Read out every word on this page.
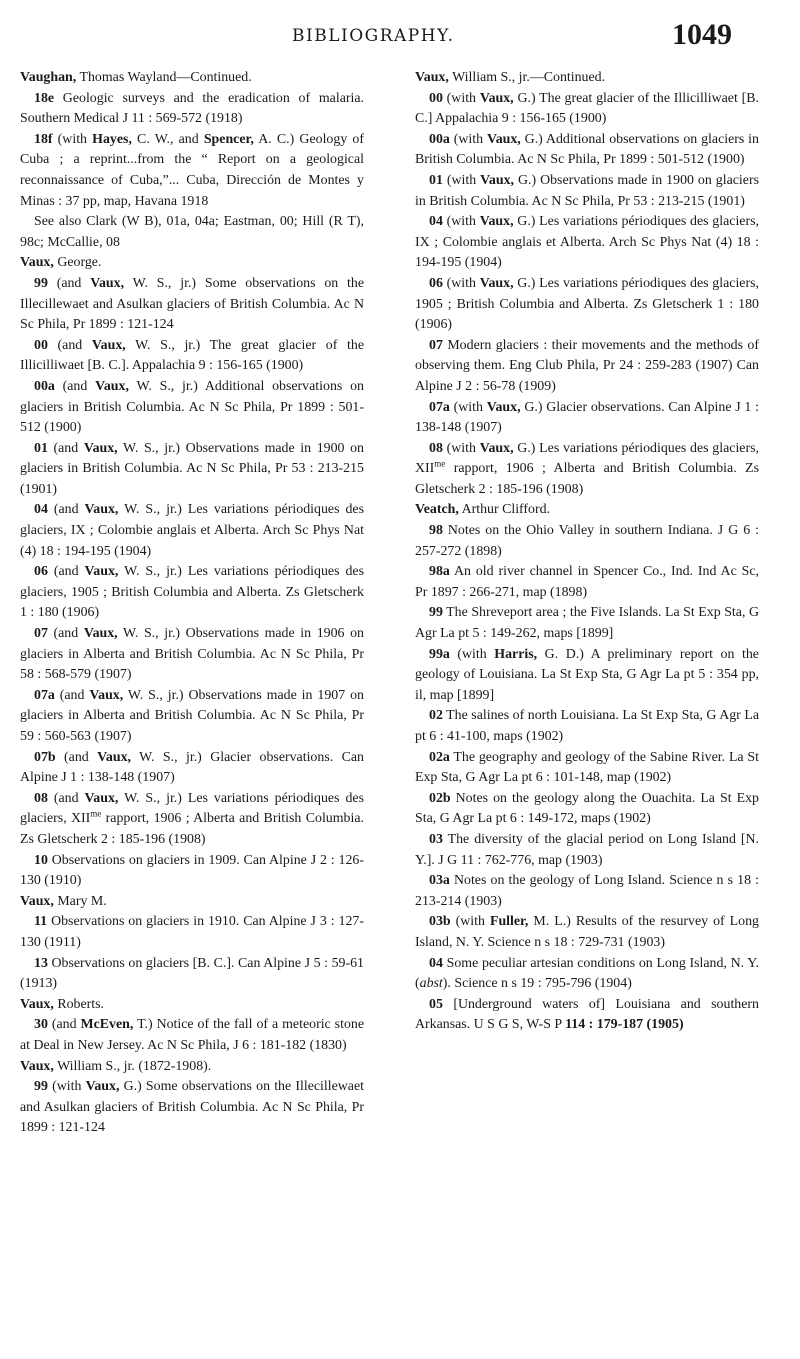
BIBLIOGRAPHY.	1049

Vaughan, Thomas Wayland—Continued.

18e Geologic surveys and the eradication of malaria. Southern Medical J 11 : 569-572 (1918)

18f (with Hayes, C. W., and Spencer, A. C.) Geology of Cuba ; a reprint...from the “ Report on a geological reconnaissance of Cuba,”... Cuba, Dirección de Montes y Minas : 37 pp, map, Havana 1918

See also Clark (W B), 01a, 04a; Eastman, 00; Hill (R T), 98c; McCallie, 08

Vaux, George.

99 (and Vaux, W. S., jr.) Some observations on the Illecillewaet and Asulkan glaciers of British Columbia. Ac N Sc Phila, Pr 1899 : 121-124

00 (and Vaux, W. S., jr.) The great glacier of the Illicilliwaet [B. C.]. Appalachia 9 : 156-165 (1900)

00a (and Vaux, W. S., jr.) Additional observations on glaciers in British Columbia. Ac N Sc Phila, Pr 1899 : 501-512 (1900)

01 (and Vaux, W. S., jr.) Observations made in 1900 on glaciers in British Columbia. Ac N Sc Phila, Pr 53 : 213-215 (1901)

04 (and Vaux, W. S., jr.) Les variations périodiques des glaciers, IX ; Colombie anglais et Alberta. Arch Sc Phys Nat (4) 18 : 194-195 (1904)

06 (and Vaux, W. S., jr.) Les variations périodiques des glaciers, 1905 ; British Columbia and Alberta. Zs Gletscherk 1 : 180 (1906)

07 (and Vaux, W. S., jr.) Observations made in 1906 on glaciers in Alberta and British Columbia. Ac N Sc Phila, Pr 58 : 568-579 (1907)

07a (and Vaux, W. S., jr.) Observations made in 1907 on glaciers in Alberta and British Columbia. Ac N Sc Phila, Pr 59 : 560-563 (1907)

07b (and Vaux, W. S., jr.) Glacier observations. Can Alpine J 1 : 138-148 (1907)

08 (and Vaux, W. S., jr.) Les variations périodiques des glaciers, $XII^{me}$ rapport, 1906 ; Alberta and British Columbia. Zs Gletscherk 2 : 185-196 (1908)

10 Observations on glaciers in 1909. Can Alpine J 2 : 126-130 (1910)

Vaux, Mary M.

11 Observations on glaciers in 1910. Can Alpine J 3 : 127-130 (1911)

13 Observations on glaciers [B. C.]. Can Alpine J 5 : 59-61 (1913)

Vaux, Roberts.

30 (and McEven, T.) Notice of the fall of a meteoric stone at Deal in New Jersey. Ac N Sc Phila, J 6 : 181-182 (1830)

Vaux, William S., jr. (1872-1908).

99 (with Vaux, G.) Some observations on the Illecillewaet and Asulkan glaciers of British Columbia. Ac N Sc Phila, Pr 1899 : 121-124

Vaux, William S., jr.—Continued.

00 (with Vaux, G.) The great glacier of the Illicilliwaet [B. C.] Appalachia 9 : 156-165 (1900)

00a (with Vaux, G.) Additional observations on glaciers in British Columbia. Ac N Sc Phila, Pr 1899 : 501-512 (1900)

01 (with Vaux, G.) Observations made in 1900 on glaciers in British Columbia. Ac N Sc Phila, Pr 53 : 213-215 (1901)

04 (with Vaux, G.) Les variations périodiques des glaciers, IX ; Colombie anglais et Alberta. Arch Sc Phys Nat (4) 18 : 194-195 (1904)

06 (with Vaux, G.) Les variations périodiques des glaciers, 1905 ; British Columbia and Alberta. Zs Gletscherk 1 : 180 (1906)

07 Modern glaciers : their movements and the methods of observing them. Eng Club Phila, Pr 24 : 259-283 (1907) Can Alpine J 2 : 56-78 (1909)

07a (with Vaux, G.) Glacier observations. Can Alpine J 1 : 138-148 (1907)

08 (with Vaux, G.) Les variations périodiques des glaciers, $XII^{me}$ rapport, 1906 ; Alberta and British Columbia. Zs Gletscherk 2 : 185-196 (1908)

Veatch, Arthur Clifford.

98 Notes on the Ohio Valley in southern Indiana. J G 6 : 257-272 (1898)

98a An old river channel in Spencer Co., Ind. Ind Ac Sc, Pr 1897 : 266-271, map (1898)

99 The Shreveport area ; the Five Islands. La St Exp Sta, G Agr La pt 5 : 149-262, maps [1899]

99a (with Harris, G. D.) A preliminary report on the geology of Louisiana. La St Exp Sta, G Agr La pt 5 : 354 pp, il, map [1899]

02 The salines of north Louisiana. La St Exp Sta, G Agr La pt 6 : 41-100, maps (1902)

02a The geography and geology of the Sabine River. La St Exp Sta, G Agr La pt 6 : 101-148, map (1902)

02b Notes on the geology along the Ouachita. La St Exp Sta, G Agr La pt 6 : 149-172, maps (1902)

03 The diversity of the glacial period on Long Island [N. Y.]. J G 11 : 762-776, map (1903)

03a Notes on the geology of Long Island. Science n s 18 : 213-214 (1903)

03b (with Fuller, M. L.) Results of the resurvey of Long Island, N. Y. Science n s 18 : 729-731 (1903)

04 Some peculiar artesian conditions on Long Island, N. Y. (abst). Science n s 19 : 795-796 (1904)

05 [Underground waters of] Louisiana and southern Arkansas. U S G S, W-S P 114 : 179-187 (1905)
